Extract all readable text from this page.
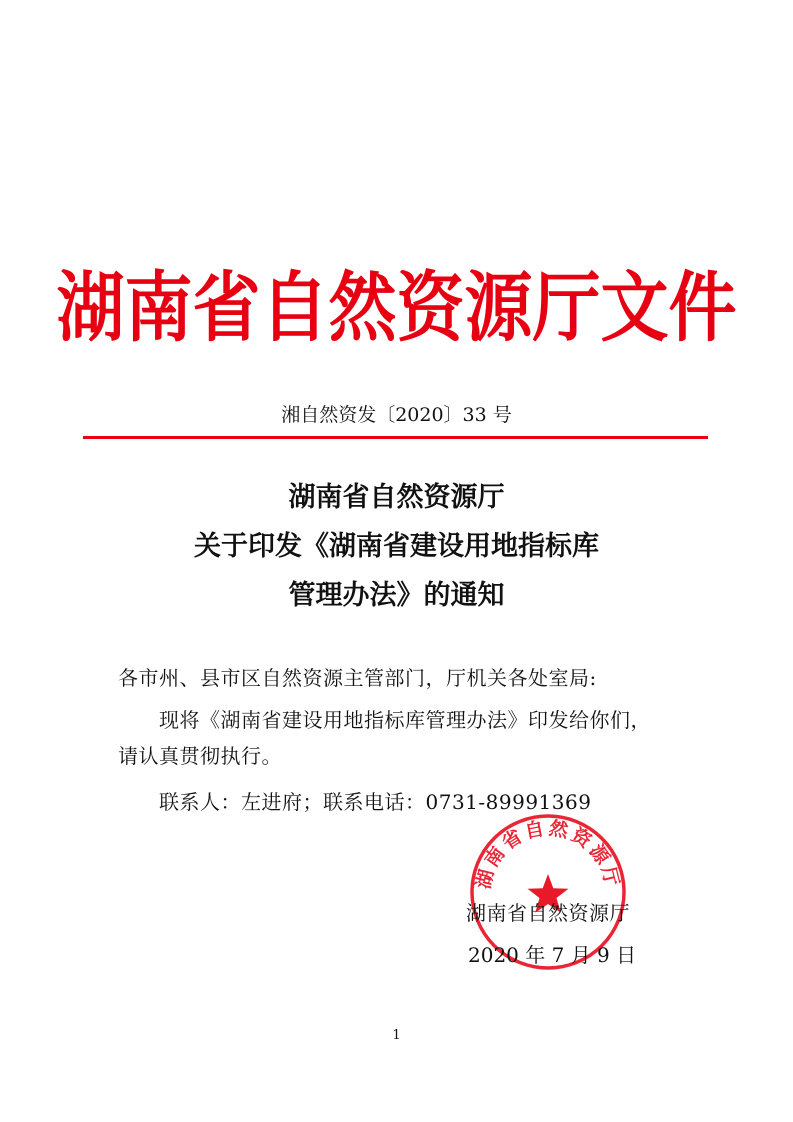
湖南省自然资源厅文件
湘自然资发〔2020〕33 号
湖南省自然资源厅
关于印发《湖南省建设用地指标库
管理办法》的通知
各市州、县市区自然资源主管部门，厅机关各处室局:
现将《湖南省建设用地指标库管理办法》印发给你们，
请认真贯彻执行。
联系人：左进府；联系电话：0731-89991369
湖南省自然资源厅
湖南省自然资源厅
2020 年 7 月 9 日
1
